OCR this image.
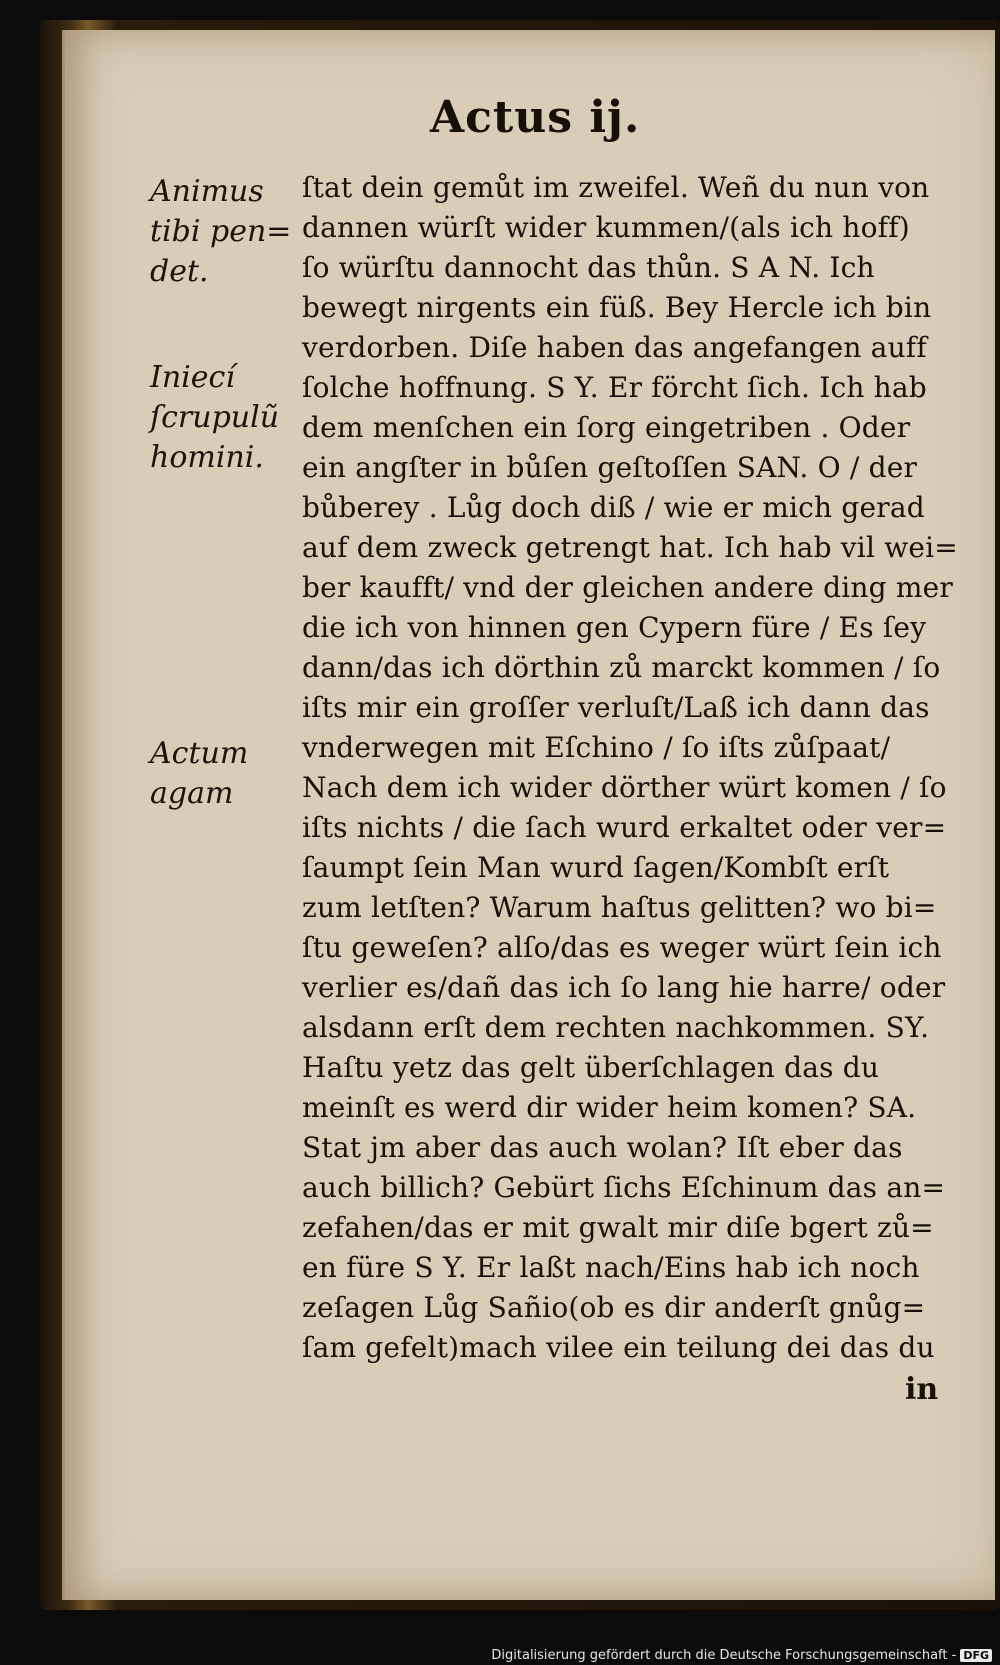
Actus ij.
Animus
tibi pen=
det.
Iniecí
ſcrupulũ
homini.
Actum
agam
ſtat dein gemůt im zweifel. Weñ du nun von
dannen würſt wider kummen/(als ich hoff)
ſo würſtu dannocht das thůn. S A N. Ich
bewegt nirgents ein füß. Bey Hercle ich bin
verdorben. Diſe haben das angefangen auff
ſolche hoffnung. S Y. Er förcht ſich. Ich hab
dem menſchen ein ſorg eingetriben . Oder
ein angſter in bůſen geſtoſſen SAN. O / der
bůberey . Lůg doch diß / wie er mich gerad
auf dem zweck getrengt hat. Ich hab vil wei=
ber kaufft/ vnd der gleichen andere ding mer
die ich von hinnen gen Cypern füre / Es ſey
dann/das ich dörthin zů marckt kommen / ſo
iſts mir ein groſſer verluſt/Laß ich dann das
vnderwegen mit Eſchino / ſo iſts zůſpaat/
Nach dem ich wider dörther würt komen / ſo
iſts nichts / die ſach wurd erkaltet oder ver=
ſaumpt ſein Man wurd ſagen/Kombſt erſt
zum letſten? Warum haſtus gelitten? wo bi=
ſtu geweſen? alſo/das es weger würt ſein ich
verlier es/dañ das ich ſo lang hie harre/ oder
alsdann erſt dem rechten nachkommen. SY.
Haſtu yetz das gelt überſchlagen das du
meinſt es werd dir wider heim komen? SA.
Stat jm aber das auch wolan? Iſt eber das
auch billich? Gebürt ſichs Eſchinum das an=
zefahen/das er mit gwalt mir diſe bgert zů=
en füre S Y. Er laßt nach/Eins hab ich noch
zeſagen Lůg Sañio(ob es dir anderſt gnůg=
ſam gefelt)mach vilee ein teilung dei das du
in
Digitalisierung gefördert durch die Deutsche Forschungsgemeinschaft - DFG
